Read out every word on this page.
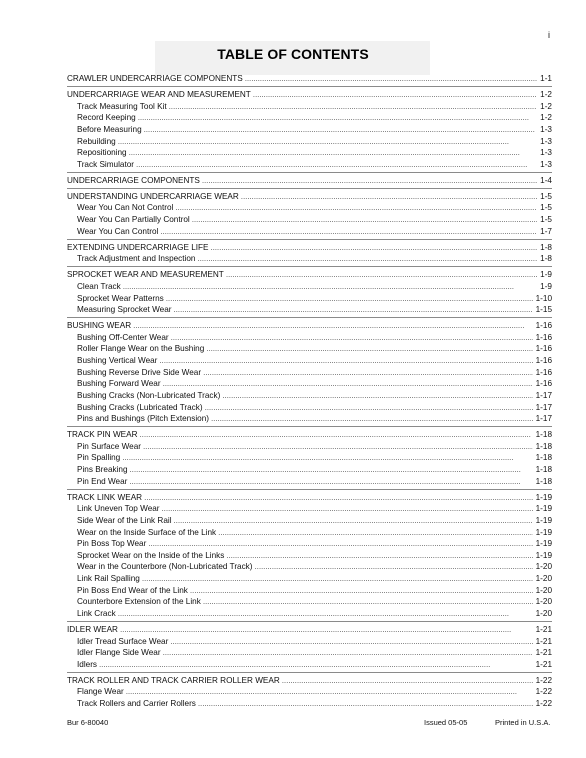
i
TABLE OF CONTENTS
CRAWLER UNDERCARRIAGE COMPONENTS . . .	1-1
UNDERCARRIAGE WEAR AND MEASUREMENT . . .	1-2
Track Measuring Tool Kit . . .	1-2
Record Keeping . . .	1-2
Before Measuring . . .	1-3
Rebuilding . . .	1-3
Repositioning . . .	1-3
Track Simulator . . .	1-3
UNDERCARRIAGE COMPONENTS . . .	1-4
UNDERSTANDING UNDERCARRIAGE WEAR . . .	1-5
Wear You Can Not Control . . .	1-5
Wear You Can Partially Control . . .	1-5
Wear You Can Control . . .	1-7
EXTENDING UNDERCARRIAGE LIFE . . .	1-8
Track Adjustment and Inspection . . .	1-8
SPROCKET WEAR AND MEASUREMENT . . .	1-9
Clean Track . . .	1-9
Sprocket Wear Patterns . . .	1-10
Measuring Sprocket Wear . . .	1-15
BUSHING WEAR . . .	1-16
Bushing Off-Center Wear . . .	1-16
Roller Flange Wear on the Bushing . . .	1-16
Bushing Vertical Wear . . .	1-16
Bushing Reverse Drive Side Wear . . .	1-16
Bushing Forward Wear . . .	1-16
Bushing Cracks (Non-Lubricated Track) . . .	1-17
Bushing Cracks (Lubricated Track) . . .	1-17
Pins and Bushings (Pitch Extension) . . .	1-17
TRACK PIN WEAR . . .	1-18
Pin Surface Wear . . .	1-18
Pin Spalling . . .	1-18
Pins Breaking . . .	1-18
Pin End Wear . . .	1-18
TRACK LINK WEAR . . .	1-19
Link Uneven Top Wear . . .	1-19
Side Wear of the Link Rail . . .	1-19
Wear on the Inside Surface of the Link . . .	1-19
Pin Boss Top Wear . . .	1-19
Sprocket Wear on the Inside of the Links . . .	1-19
Wear in the Counterbore (Non-Lubricated Track) . . .	1-20
Link Rail Spalling . . .	1-20
Pin Boss End Wear of the Link . . .	1-20
Counterbore Extension of the Link . . .	1-20
Link Crack . . .	1-20
IDLER WEAR . . .	1-21
Idler Tread Surface Wear . . .	1-21
Idler Flange Side Wear . . .	1-21
Idlers . . .	1-21
TRACK ROLLER AND TRACK CARRIER ROLLER WEAR . . .	1-22
Flange Wear . . .	1-22
Track Rollers and Carrier Rollers . . .	1-22
Bur 6-80040	Issued 05-05	Printed in U.S.A.
